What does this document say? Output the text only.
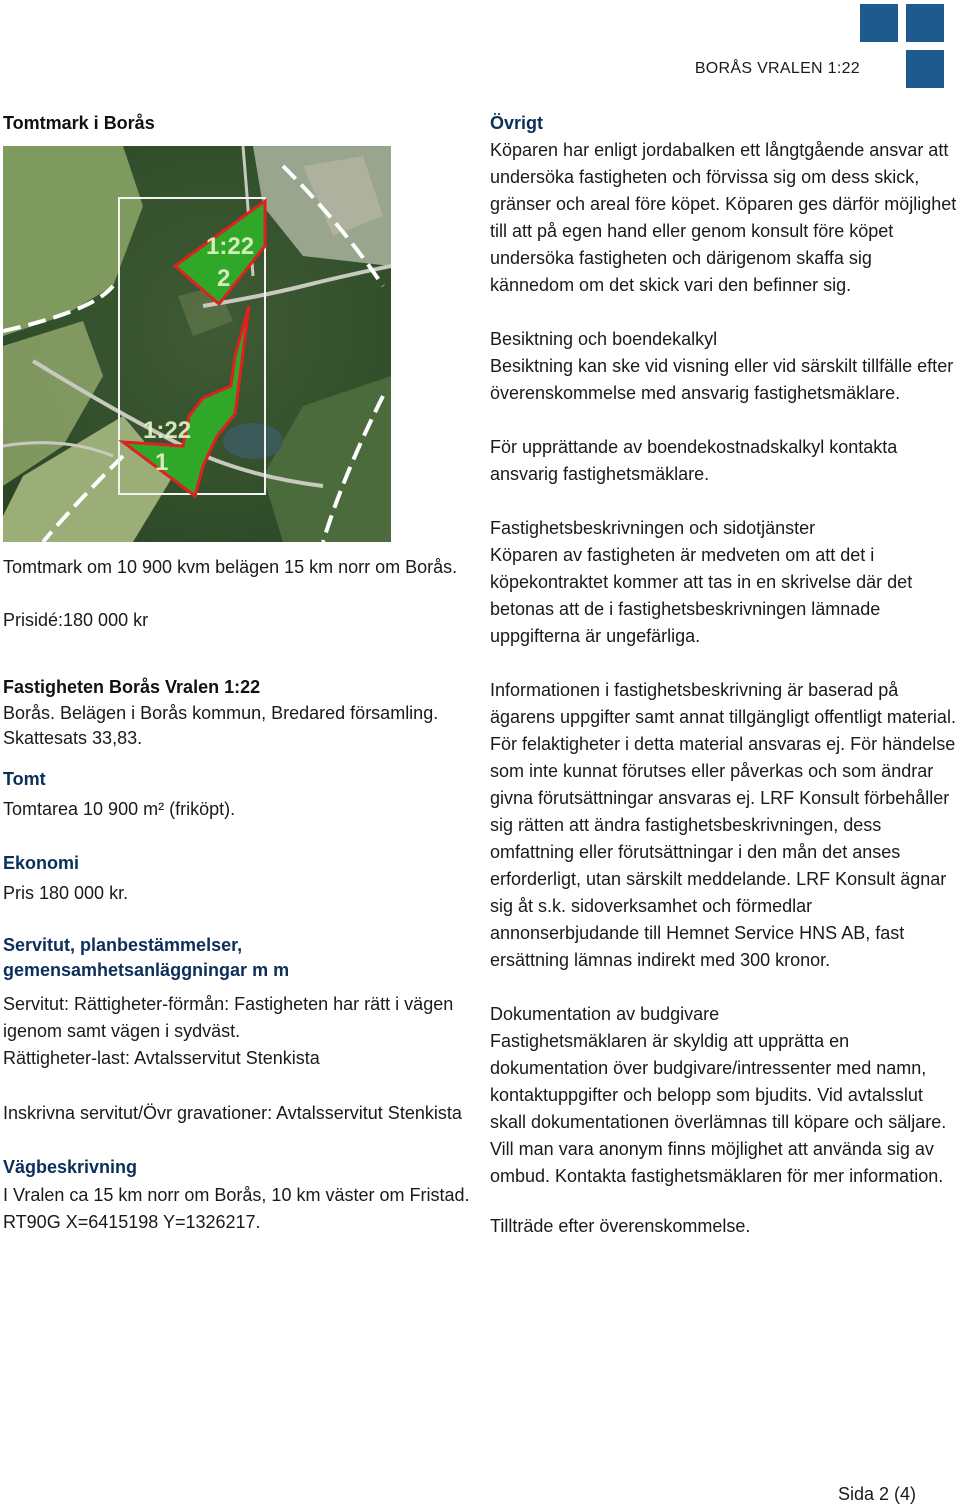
BORÅS VRALEN 1:22

Tomtmark i Borås

1:22
2
1:22
1

Tomtmark om 10 900 kvm belägen 15 km norr om Borås.

Prisidé:180 000 kr

Fastigheten Borås Vralen 1:22

Borås. Belägen i Borås kommun, Bredared församling.

Skattesats 33,83.

Tomt

Tomtarea 10 900 m² (friköpt).

Ekonomi

Pris 180 000 kr.

Servitut, planbestämmelser, gemensamhetsanläggningar m m

Servitut: Rättigheter-förmån: Fastigheten har rätt i vägen igenom samt vägen i sydväst.

Rättigheter-last: Avtalsservitut Stenkista

Inskrivna servitut/Övr gravationer: Avtalsservitut Stenkista

Vägbeskrivning

I Vralen ca 15 km norr om Borås, 10 km väster om Fristad.

RT90G X=6415198 Y=1326217.

Övrigt

Köparen har enligt jordabalken ett långtgående ansvar att undersöka fastigheten och förvissa sig om dess skick, gränser och areal före köpet. Köparen ges därför möjlighet till att på egen hand eller genom konsult före köpet undersöka fastigheten och därigenom skaffa sig kännedom om det skick vari den befinner sig.

Besiktning och boendekalkyl

Besiktning kan ske vid visning eller vid särskilt tillfälle efter överenskommelse med ansvarig fastighetsmäklare.

För upprättande av boendekostnadskalkyl kontakta ansvarig fastighetsmäklare.

Fastighetsbeskrivningen och sidotjänster

Köparen av fastigheten är medveten om att det i köpekontraktet kommer att tas in en skrivelse där det betonas att de i fastighetsbeskrivningen lämnade uppgifterna är ungefärliga.

Informationen i fastighetsbeskrivning är baserad på ägarens uppgifter samt annat tillgängligt offentligt material. För felaktigheter i detta material ansvaras ej. För händelse som inte kunnat förutses eller påverkas och som ändrar givna förutsättningar ansvaras ej. LRF Konsult förbehåller sig rätten att ändra fastighetsbeskrivningen, dess omfattning eller förutsättningar i den mån det anses erforderligt, utan särskilt meddelande. LRF Konsult ägnar sig åt s.k. sidoverksamhet och förmedlar annonserbjudande till Hemnet Service HNS AB, fast ersättning lämnas indirekt med 300 kronor.

Dokumentation av budgivare

Fastighetsmäklaren är skyldig att upprätta en dokumentation över budgivare/intressenter med namn, kontaktuppgifter och belopp som bjudits. Vid avtalsslut skall dokumentationen överlämnas till köpare och säljare. Vill man vara anonym finns möjlighet att använda sig av ombud. Kontakta fastighetsmäklaren för mer information.

Tillträde efter överenskommelse.

Sida 2 (4)
